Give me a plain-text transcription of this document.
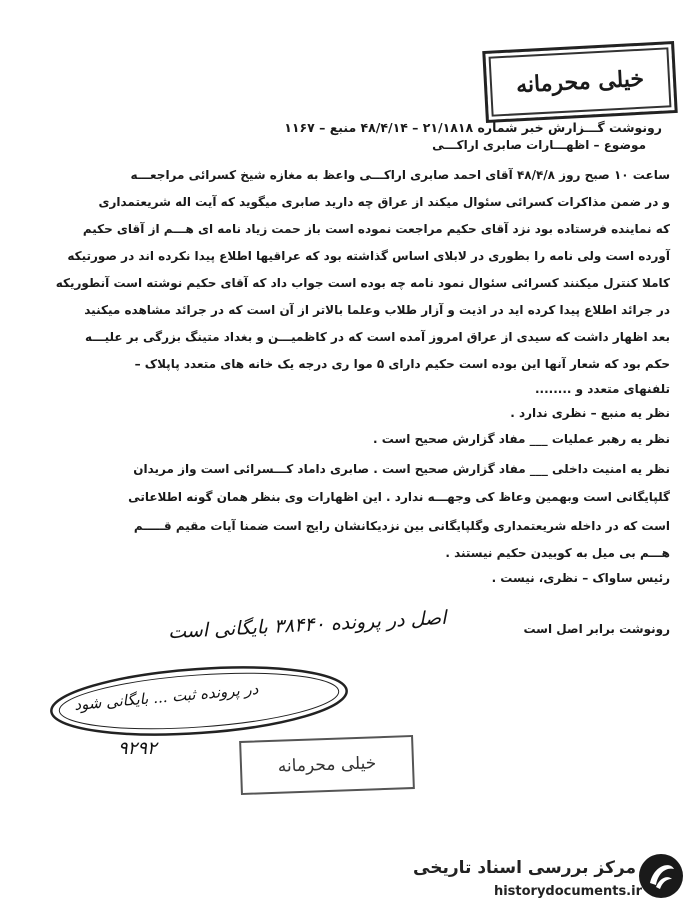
خیلی محرمانه
رونوشت گـــزارش خبر شماره ۲۱/۱۸۱۸ – ۴۸/۴/۱۴ منبع – ۱۱۶۷
موضوع – اظهـــارات صابری اراکـــی
ساعت ۱۰ صبح روز ۴۸/۴/۸ آقای احمد صابری اراکـــی واعظ به مغازه شیخ کسرائی مراجعـــه
و در ضمن مذاکرات کسرائی سئوال میکند از عراق چه دارید صابری میگوید که آیت اله شریعتمداری
که نماینده فرستاده بود نزد آقای حکیم مراجعت نموده است باز حمت زیاد نامه ای هـــم از آقای حکیم
آورده است ولی نامه را بطوری در لابلای اساس گذاشته بود که عراقیها اطلاع پیدا نکرده اند در صورتیکه
کاملا کنترل میکنند کسرائی سئوال نمود نامه چه بوده است جواب داد که آقای حکیم نوشته است آنطوریکه
در جرائد اطلاع پیدا کرده اید در اذیت و آزار طلاب وعلما بالاتر از آن است که در جرائد مشاهده میکنید
بعد اظهار داشت که سیدی از عراق امروز آمده است که در کاظمیـــن و بغداد متینگ بزرگی بر علیـــه
حکم بود که شعار آنها این بوده است حکیم دارای ۵ موا ری درجه یک خانه های متعدد پاپلاک –
تلفنهای متعدد و ........
نظر یه منبع – نظری ندارد .
نظر یه رهبر عملیات ___ مفاد گزارش صحیح است .
نظر یه امنیت داخلی ___ مفاد گزارش صحیح است . صابری داماد کـــسرائی است واز مریدان
گلپایگانی است وبهمین وعاظ کی وجهـــه ندارد . این اظهارات وی بنظر همان گونه اطلاعاتی
است که در داخله شریعتمداری وگلپایگانی بین نزدیکانشان رایج است ضمنا آیات مقیم قـــــم
هـــم بی میل به کوبیدن حکیم نیستند .
رئیس ساواک – نظری، نیست .
رونوشت برابر اصل است
اصل در پرونده ۳۸۴۴۰ بایگانی است
در پرونده ثبت ... بایگانی شود
۹۲۹۲
خیلی محرمانه
مرکز بررسی اسناد تاریخی
historydocuments.ir
